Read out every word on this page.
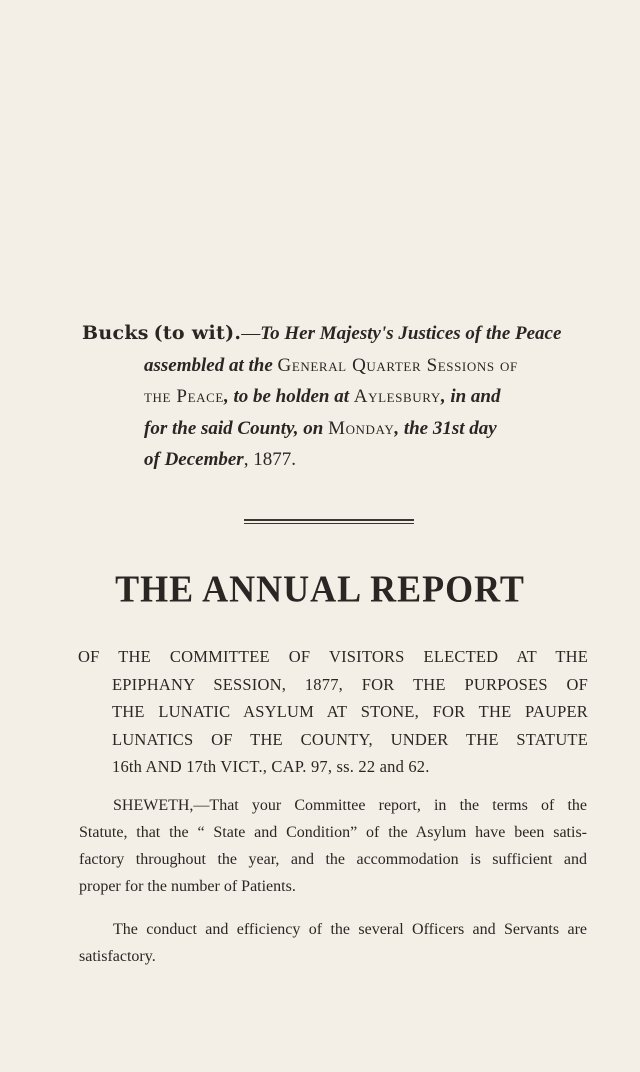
Bucks (to wit).—To Her Majesty's Justices of the Peace
assembled at the General Quarter Sessions of
the Peace, to be holden at Aylesbury, in and
for the said County, on Monday, the 31st day
of December, 1877.
THE ANNUAL REPORT
OF THE COMMITTEE OF VISITORS ELECTED AT THE
EPIPHANY SESSION, 1877, FOR THE PURPOSES OF
THE LUNATIC ASYLUM AT STONE, FOR THE PAUPER
LUNATICS OF THE COUNTY, UNDER THE STATUTE
16th AND 17th VICT., CAP. 97, ss. 22 and 62.
SHEWETH,—That your Committee report, in the terms of the
Statute, that the “ State and Condition” of the Asylum have been satis-
factory throughout the year, and the accommodation is sufficient and
proper for the number of Patients.
The conduct and efficiency of the several Officers and Servants are
satisfactory.
